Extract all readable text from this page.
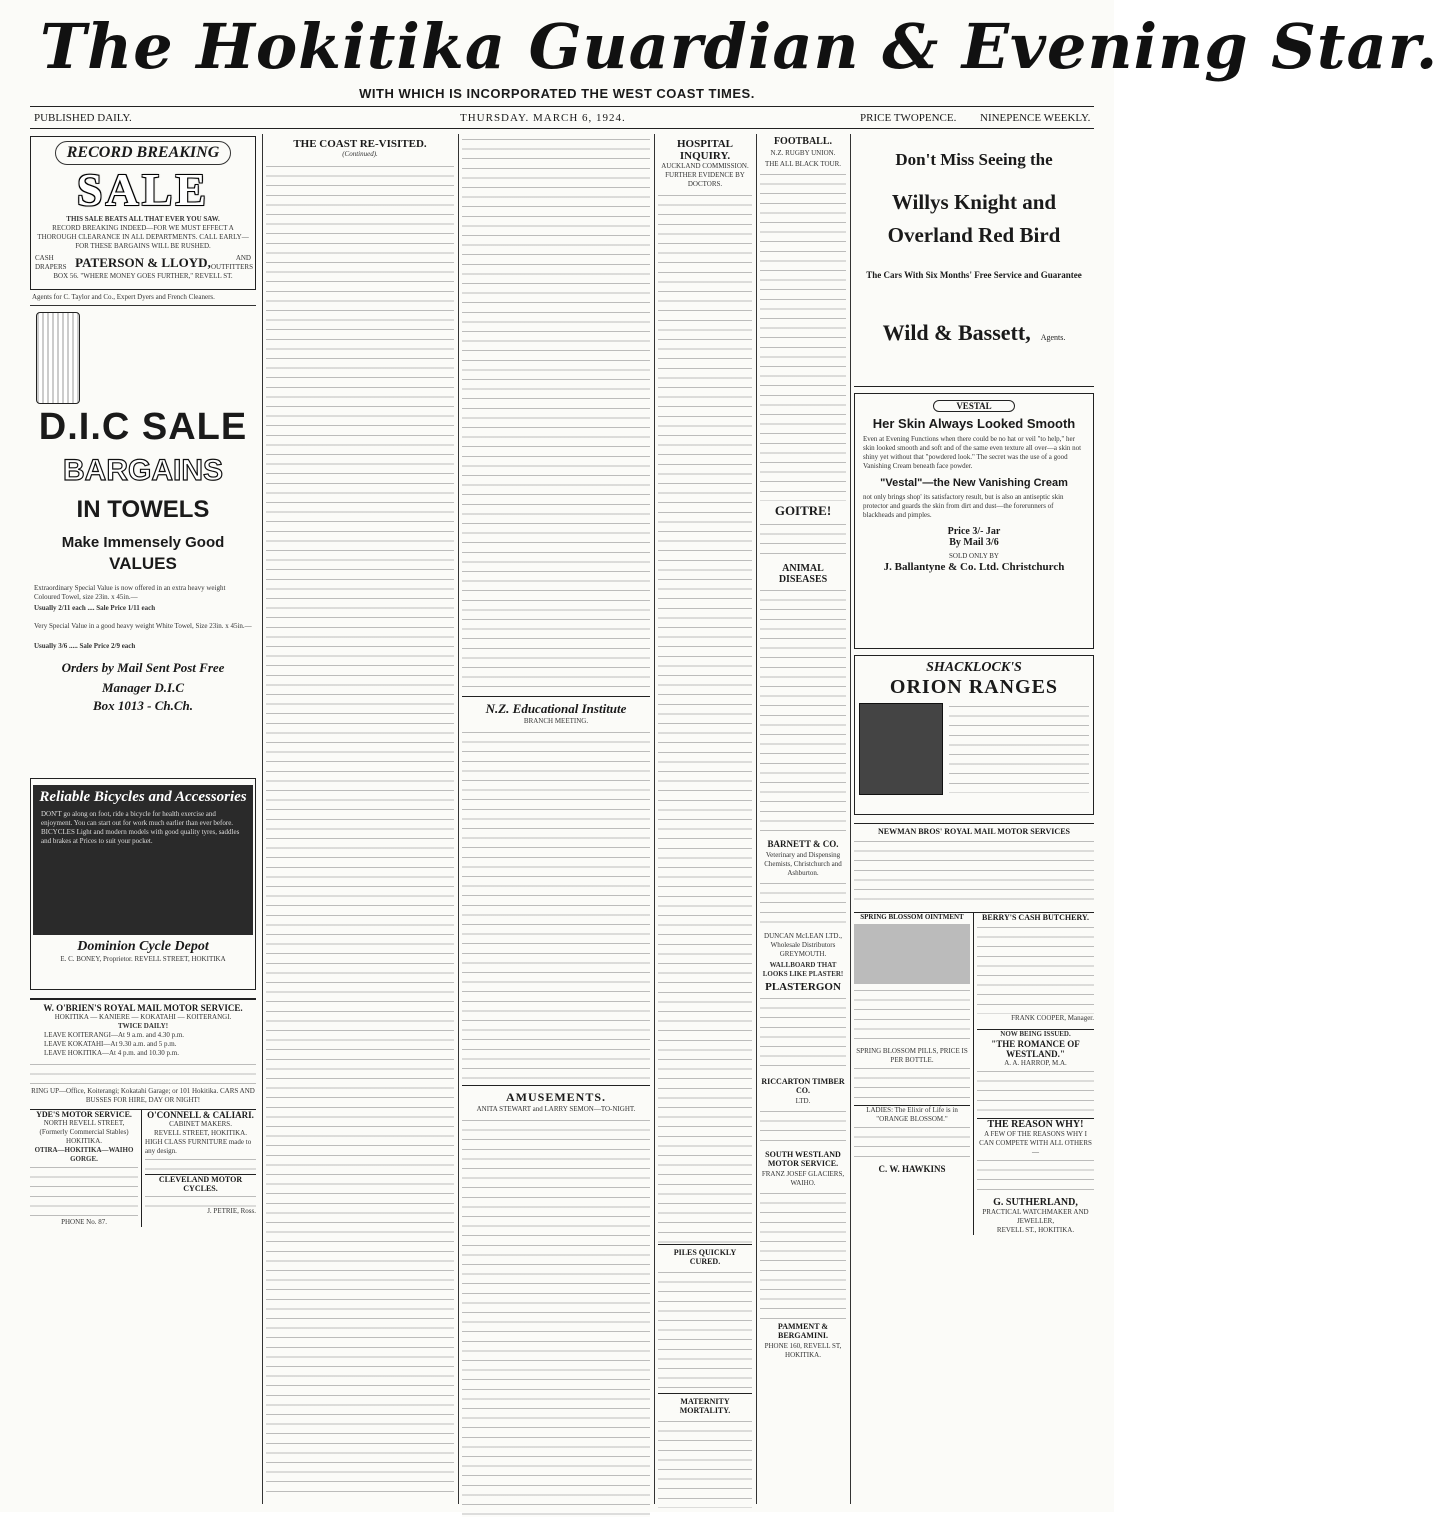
The Hokitika Guardian & Evening Star.
WITH WHICH IS INCORPORATED THE WEST COAST TIMES.
PUBLISHED DAILY.	THURSDAY. MARCH 6, 1924.	PRICE TWOPENCE. NINEPENCE WEEKLY.
RECORD BREAKING
SALE
THIS SALE BEATS ALL THAT EVER YOU SAW.
RECORD BREAKING INDEED—FOR WE MUST EFFECT A THOROUGH CLEARANCE IN ALL DEPARTMENTS. CALL EARLY—FOR THESE BARGAINS WILL BE RUSHED.
CASH DRAPERS PATERSON & LLOYD,	AND OUTFITTERS
BOX 56. "WHERE MONEY GOES FURTHER," REVELL ST.
Agents for C. Taylor and Co., Expert Dyers and French Cleaners.
D.I.C SALE
BARGAINS
IN TOWELS
Make Immensely Good
VALUES
Extraordinary Special Value is now offered in an extra heavy weight Coloured Towel, size 23in. x 45in.—
Usually 2/11 each .... Sale Price 1/11 each
Very Special Value in a good heavy weight White Towel, Size 23in. x 45in.—
Usually 3/6 ..... Sale Price 2/9 each
Orders by Mail Sent Post Free
Manager D.I.C
Box 1013 - Ch.Ch.
Reliable Bicycles and Accessories
DON'T go along on foot, ride a bicycle for health exercise and enjoyment. You can start out for work much earlier than ever before. BICYCLES Light and modern models with good quality tyres, saddles and brakes at Prices to suit your pocket.
Dominion Cycle Depot
E. C. BONEY, Proprietor. REVELL STREET, HOKITIKA
W. O'BRIEN'S ROYAL MAIL MOTOR SERVICE.
HOKITIKA — KANIERE — KOKATAHI — KOITERANGI.
TWICE DAILY!
LEAVE KOITERANGI—At 9 a.m. and 4.30 p.m.
LEAVE KOKATAHI—At 9.30 a.m. and 5 p.m.
LEAVE HOKITIKA—At 4 p.m. and 10.30 p.m.
RING UP—Office, Koiterangi; Kokatahi Garage; or 101 Hokitika. CARS AND BUSSES FOR HIRE, DAY OR NIGHT!
YDE'S MOTOR SERVICE.
NORTH REVELL STREET, (Formerly Commercial Stables) HOKITIKA.
OTIRA—HOKITIKA—WAIHO GORGE.
PHONE No. 87.
O'CONNELL & CALIARI.
CABINET MAKERS.
REVELL STREET, HOKITIKA.
HIGH CLASS FURNITURE made to any design.
CLEVELAND MOTOR CYCLES.
J. PETRIE, Ross.
THE COAST RE-VISITED.
(Continued).
N.Z. Educational Institute
BRANCH MEETING.
AMUSEMENTS.
ANITA STEWART and LARRY SEMON—TO-NIGHT.
HOSPITAL INQUIRY.
AUCKLAND COMMISSION.
FURTHER EVIDENCE BY DOCTORS.
PILES QUICKLY CURED.
MATERNITY MORTALITY.
Don't Miss Seeing the
Willys Knight and
Overland Red Bird
The Cars With Six Months' Free Service and Guarantee
Wild & Bassett, Agents.
VESTAL
Her Skin Always Looked Smooth
Even at Evening Functions when there could be no hat or veil "to help," her skin looked smooth and soft and of the same even texture all over—a skin not shiny yet without that "powdered look." The secret was the use of a good Vanishing Cream beneath face powder.
"Vestal"—the New Vanishing Cream
not only brings shop' its satisfactory result, but is also an antiseptic skin protector and guards the skin from dirt and dust—the forerunners of blackheads and pimples.
Price 3/- Jar
By Mail 3/6
SOLD ONLY BY
J. Ballantyne & Co. Ltd. Christchurch
SHACKLOCK'S
ORION RANGES
NEWMAN BROS' ROYAL MAIL MOTOR SERVICES
SPRING BLOSSOM OINTMENT
SPRING BLOSSOM PILLS, PRICE IS PER BOTTLE.
LADIES: The Elixir of Life is in "ORANGE BLOSSOM."
C. W. HAWKINS
BERRY'S CASH BUTCHERY.
FRANK COOPER, Manager.
NOW BEING ISSUED.
"THE ROMANCE OF WESTLAND."
A. A. HARROP, M.A.
THE REASON WHY!
A FEW OF THE REASONS WHY I CAN COMPETE WITH ALL OTHERS—
G. SUTHERLAND,
PRACTICAL WATCHMAKER AND JEWELLER,
REVELL ST., HOKITIKA.
FOOTBALL.
N.Z. RUGBY UNION.
THE ALL BLACK TOUR.
GOITRE!
ANIMAL DISEASES
BARNETT & CO.
Veterinary and Dispensing Chemists, Christchurch and Ashburton.
DUNCAN McLEAN LTD., Wholesale Distributors GREYMOUTH.
WALLBOARD THAT LOOKS LIKE PLASTER!
PLASTERGON
RICCARTON TIMBER CO.
LTD.
SOUTH WESTLAND MOTOR SERVICE.
FRANZ JOSEF GLACIERS, WAIHO.
PAMMENT & BERGAMINI.
PHONE 160, REVELL ST, HOKITIKA.
